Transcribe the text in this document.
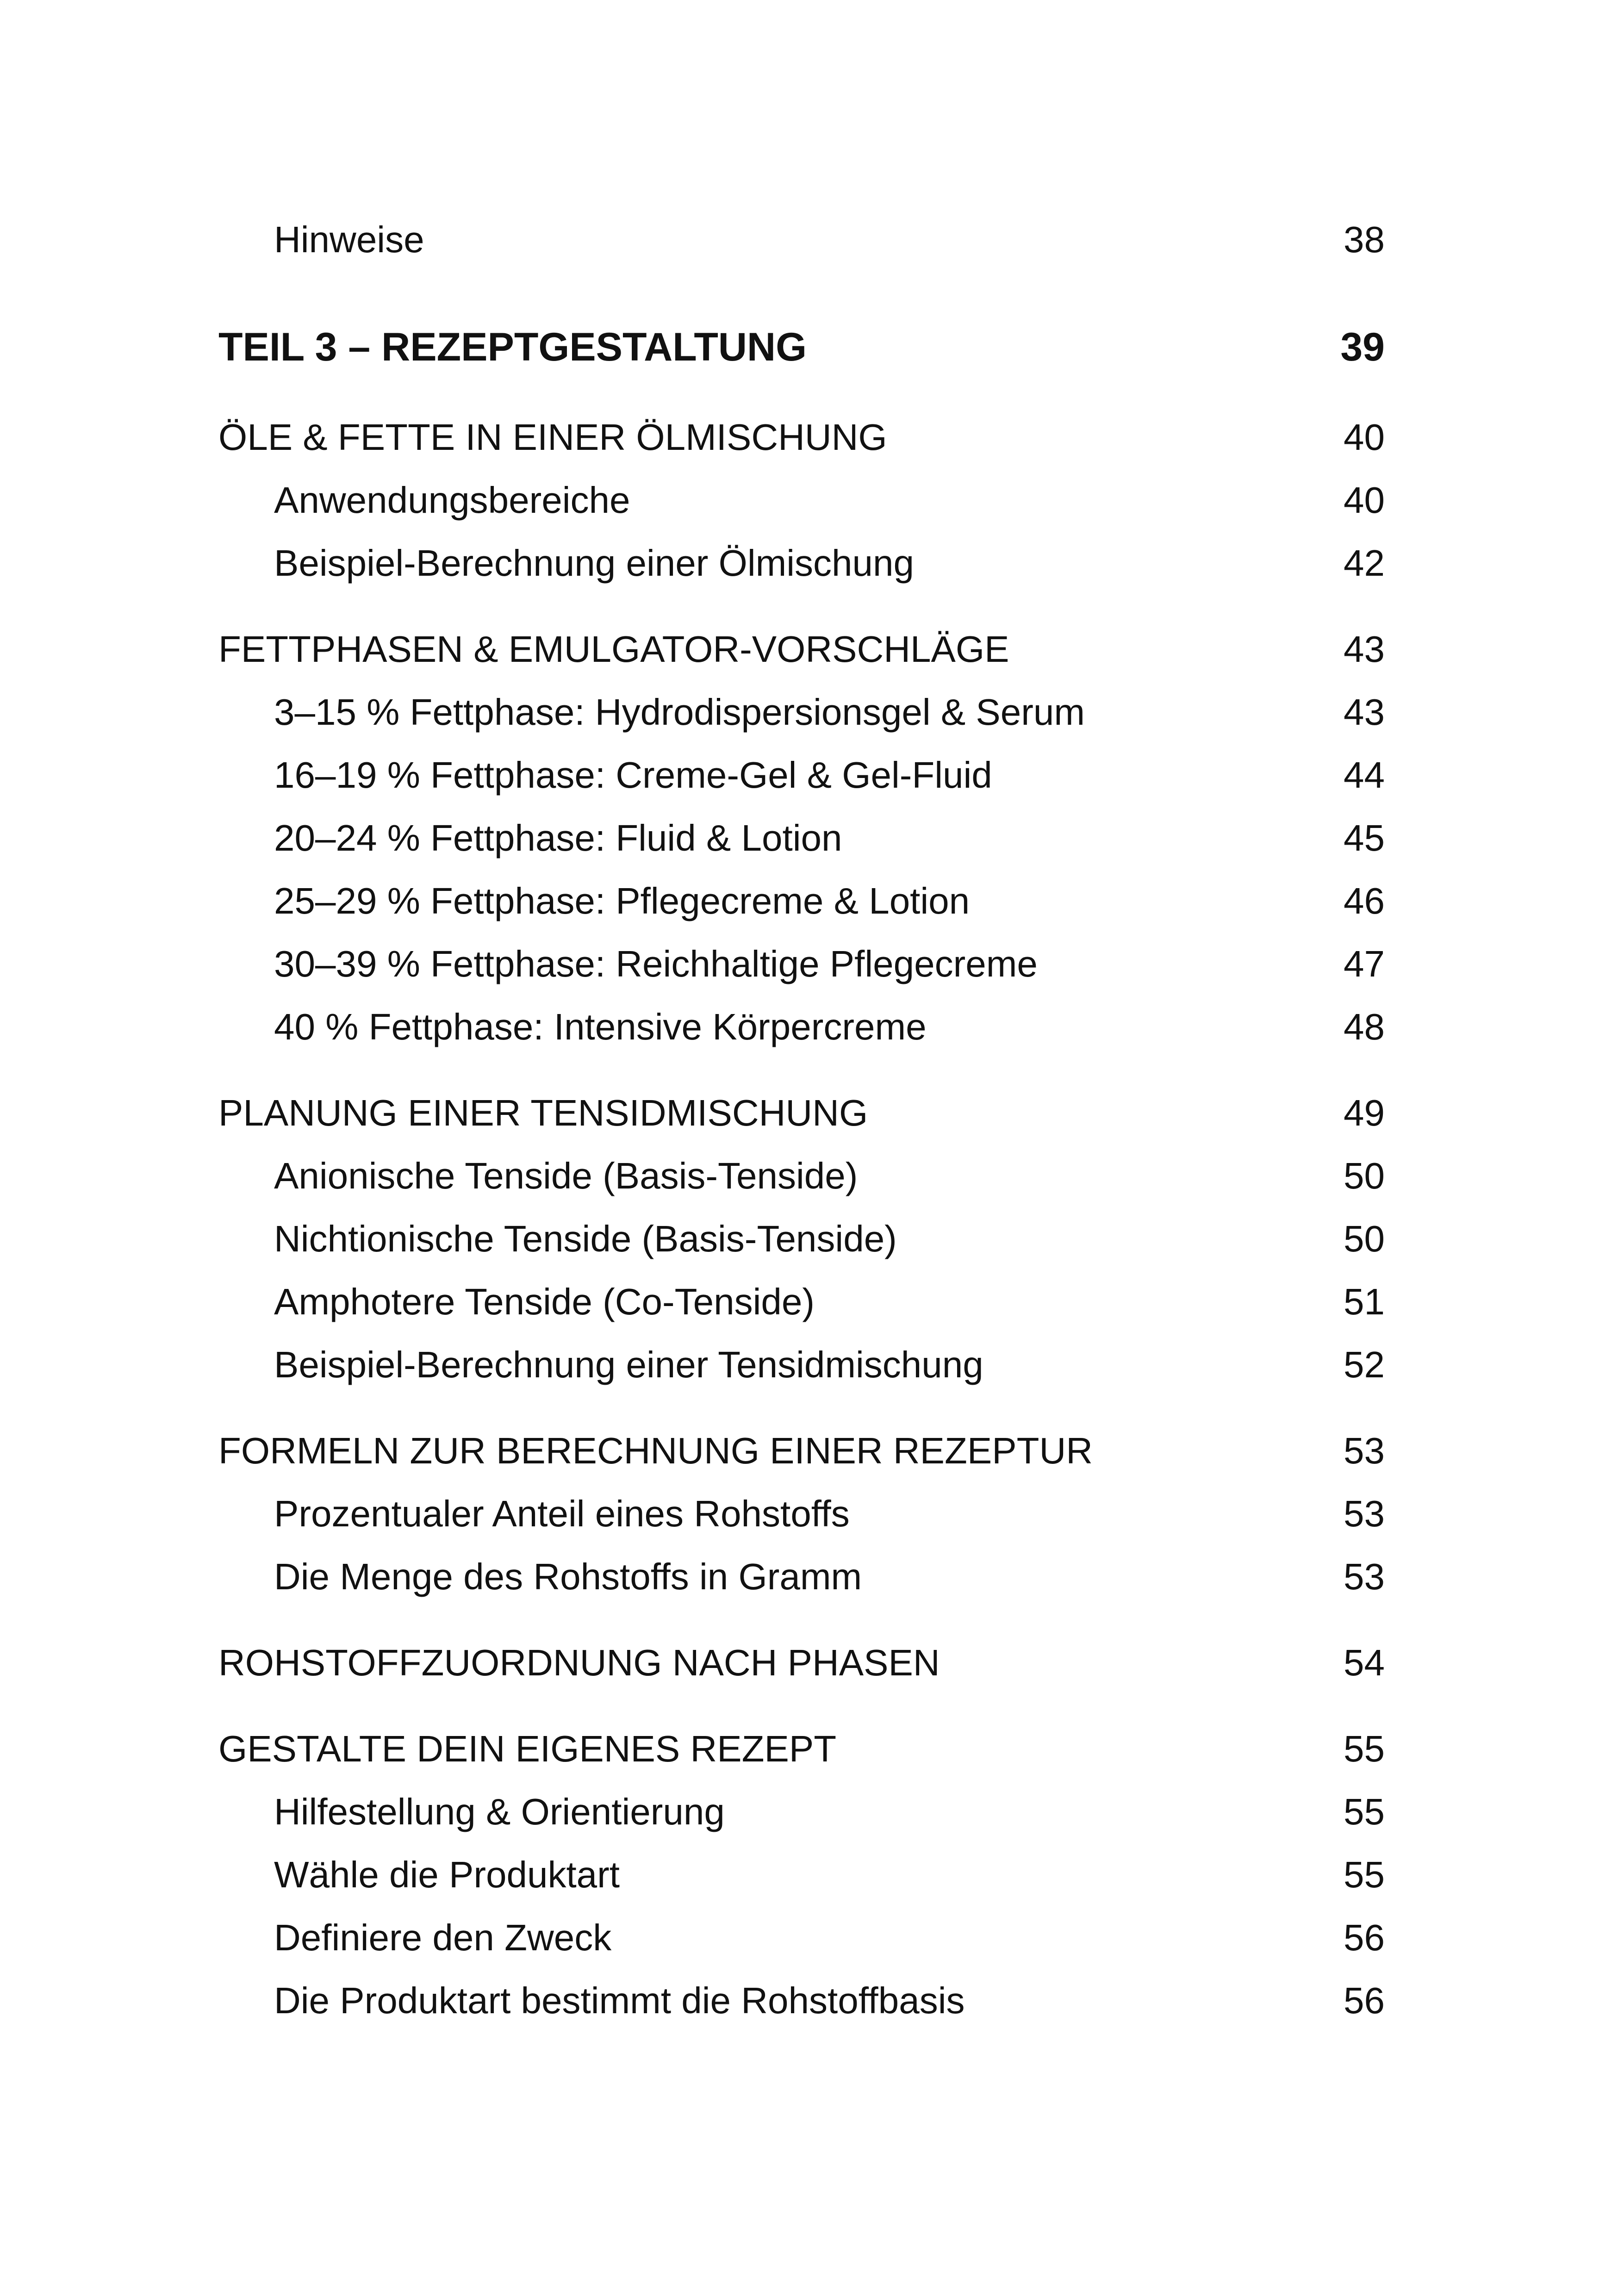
Hinweise	38
TEIL 3 – REZEPTGESTALTUNG	39
ÖLE & FETTE IN EINER ÖLMISCHUNG	40
Anwendungsbereiche	40
Beispiel-Berechnung einer Ölmischung	42
FETTPHASEN & EMULGATOR-VORSCHLÄGE	43
3–15 % Fettphase: Hydrodispersionsgel & Serum	43
16–19 % Fettphase: Creme-Gel & Gel-Fluid	44
20–24 % Fettphase: Fluid & Lotion	45
25–29 % Fettphase: Pflegecreme & Lotion	46
30–39 % Fettphase: Reichhaltige Pflegecreme	47
40 % Fettphase: Intensive Körpercreme	48
PLANUNG EINER TENSIDMISCHUNG	49
Anionische Tenside (Basis-Tenside)	50
Nichtionische Tenside (Basis-Tenside)	50
Amphotere Tenside (Co-Tenside)	51
Beispiel-Berechnung einer Tensidmischung	52
FORMELN ZUR BERECHNUNG EINER REZEPTUR	53
Prozentualer Anteil eines Rohstoffs	53
Die Menge des Rohstoffs in Gramm	53
ROHSTOFFZUORDNUNG NACH PHASEN	54
GESTALTE DEIN EIGENES REZEPT	55
Hilfestellung & Orientierung	55
Wähle die Produktart	55
Definiere den Zweck	56
Die Produktart bestimmt die Rohstoffbasis	56
